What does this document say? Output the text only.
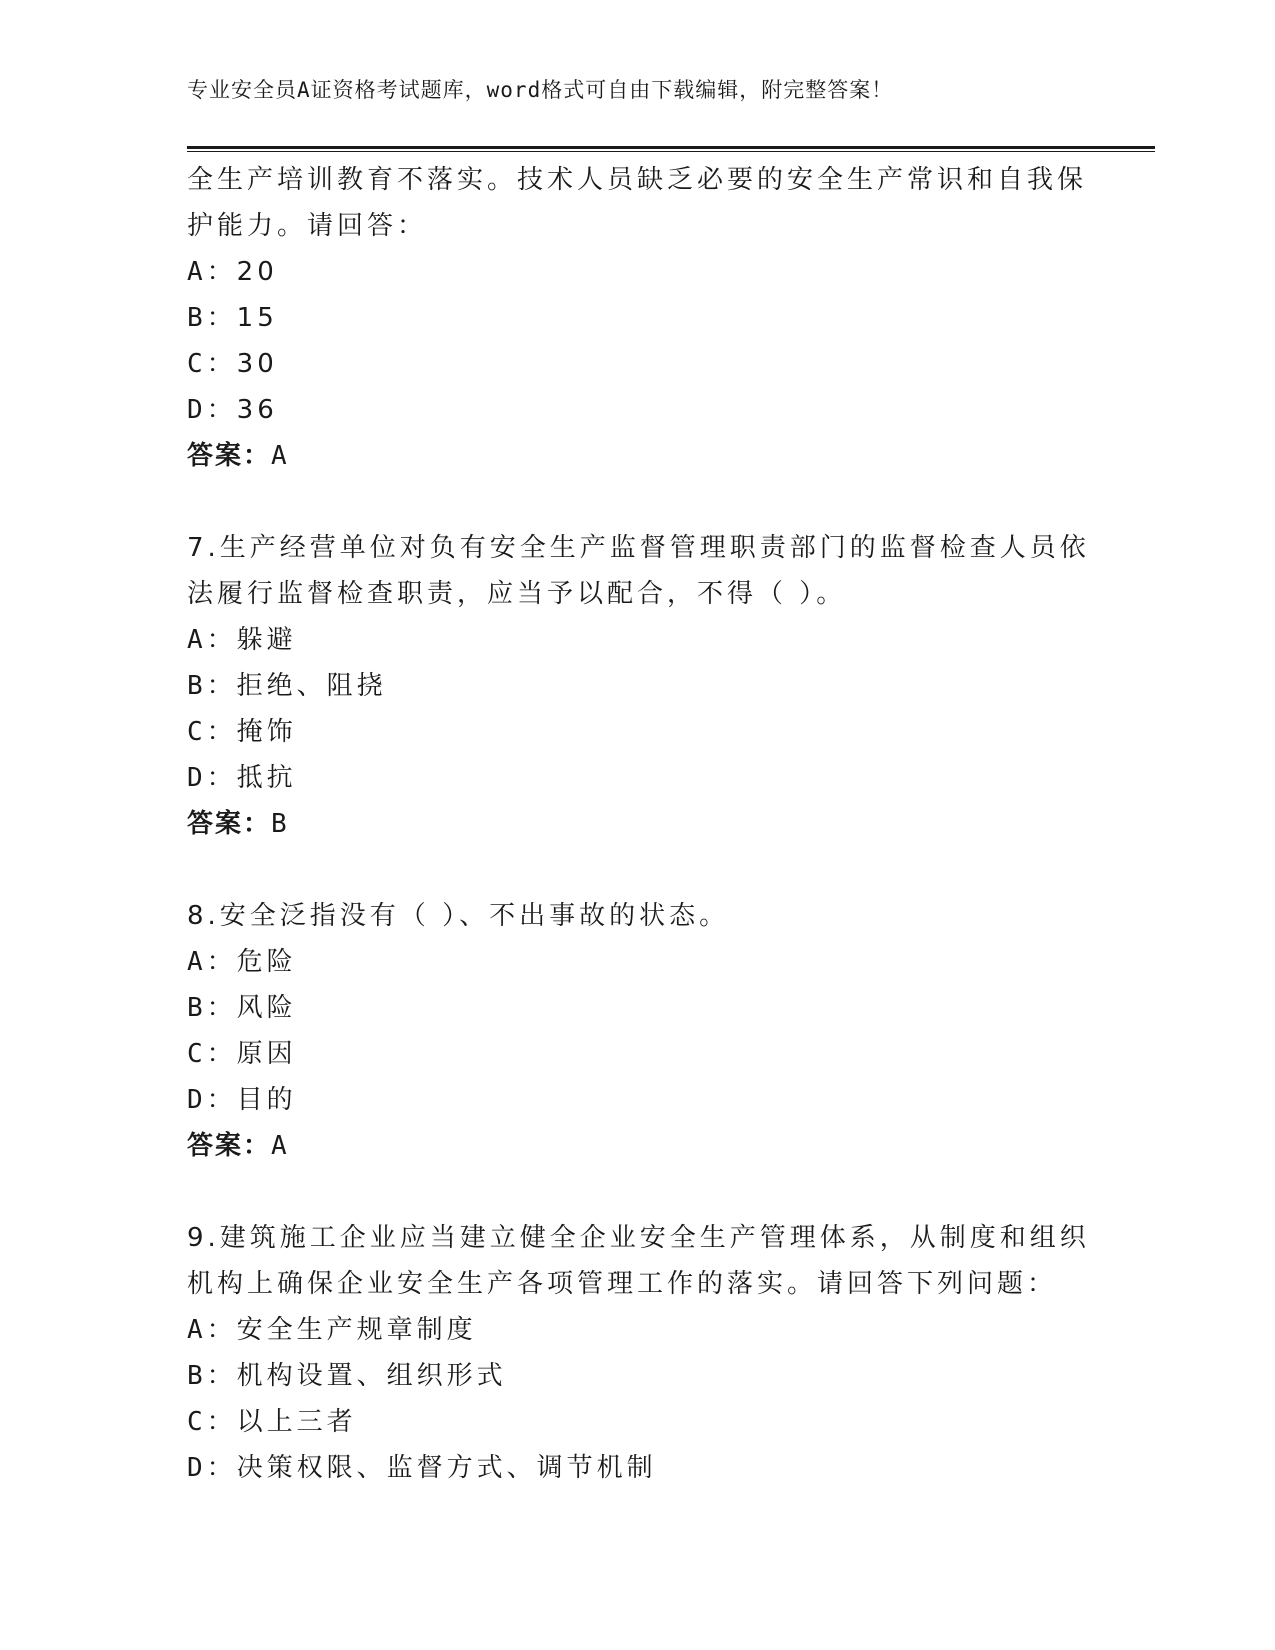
专业安全员A证资格考试题库，word格式可自由下载编辑，附完整答案！
全生产培训教育不落实。技术人员缺乏必要的安全生产常识和自我保
护能力。请回答：
A：20
B：15
C：30
D：36
答案：A
7.生产经营单位对负有安全生产监督管理职责部门的监督检查人员依
法履行监督检查职责，应当予以配合，不得（ ）。
A：躲避
B：拒绝、阻挠
C：掩饰
D：抵抗
答案：B
8.安全泛指没有（ ）、不出事故的状态。
A：危险
B：风险
C：原因
D：目的
答案：A
9.建筑施工企业应当建立健全企业安全生产管理体系，从制度和组织
机构上确保企业安全生产各项管理工作的落实。请回答下列问题：
A：安全生产规章制度
B：机构设置、组织形式
C：以上三者
D：决策权限、监督方式、调节机制
